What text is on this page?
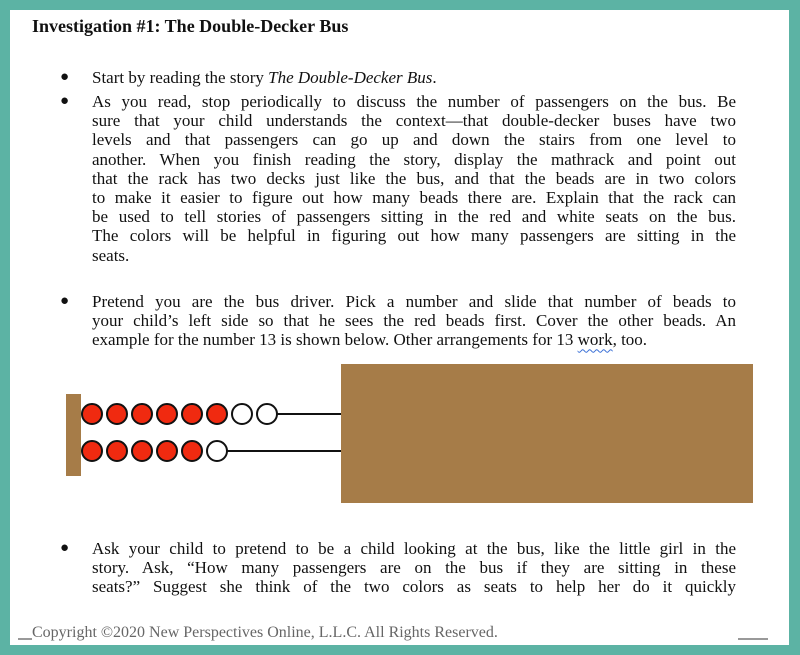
Investigation #1: The Double-Decker Bus
● Start by reading the story The Double-Decker Bus.
● As you read, stop periodically to discuss the number of passengers on the bus. Be
sure that your child understands the context—that double-decker buses have two
levels and that passengers can go up and down the stairs from one level to
another. When you finish reading the story, display the mathrack and point out
that the rack has two decks just like the bus, and that the beads are in two colors
to make it easier to figure out how many beads there are. Explain that the rack can
be used to tell stories of passengers sitting in the red and white seats on the bus.
The colors will be helpful in figuring out how many passengers are sitting in the
seats.
● Pretend you are the bus driver. Pick a number and slide that number of beads to
your child’s left side so that he sees the red beads first. Cover the other beads. An
example for the number 13 is shown below. Other arrangements for 13 work, too.
● Ask your child to pretend to be a child looking at the bus, like the little girl in the
story. Ask, “How many passengers are on the bus if they are sitting in these
seats?” Suggest she think of the two colors as seats to help her do it quickly
Copyright ©2020 New Perspectives Online, L.L.C. All Rights Reserved.
